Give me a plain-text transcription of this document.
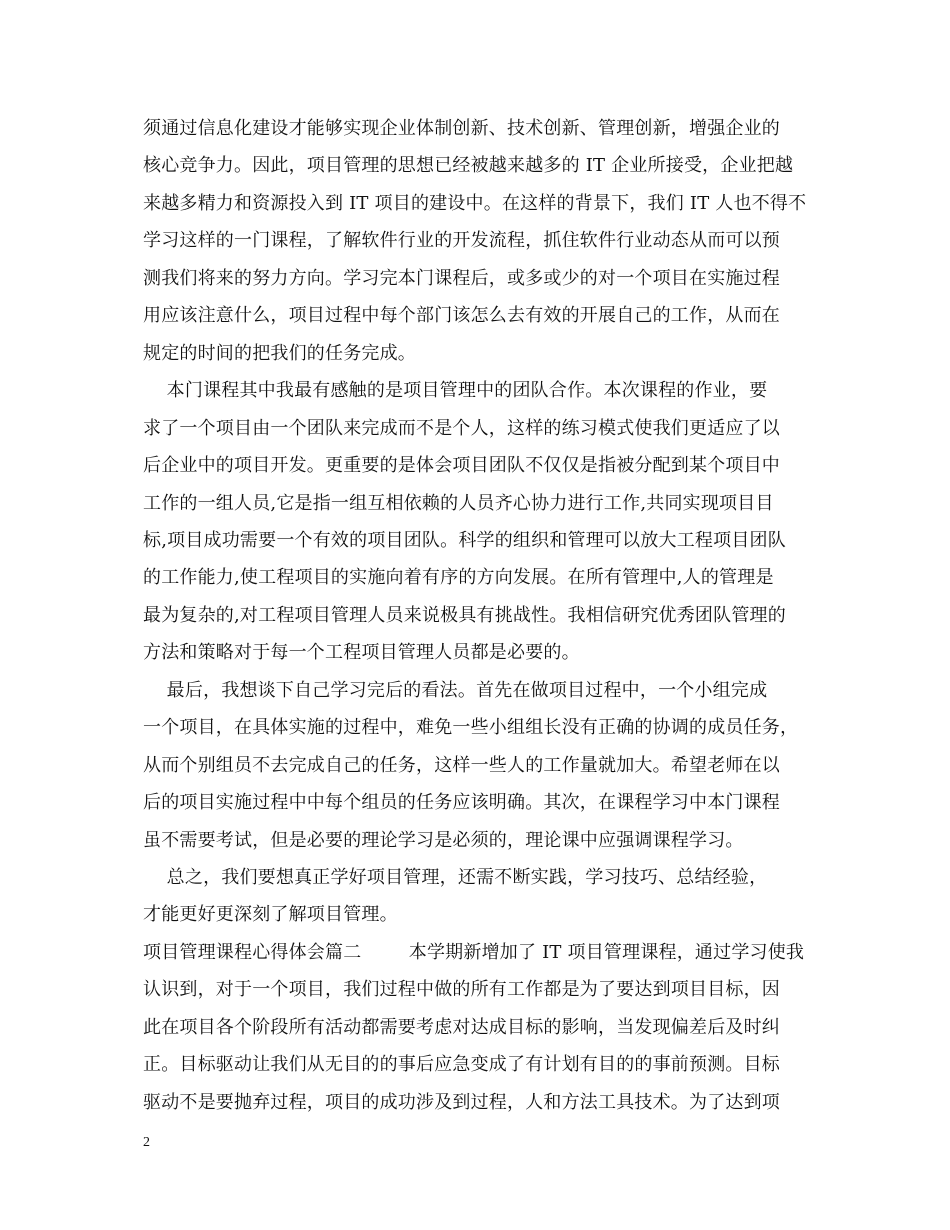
须通过信息化建设才能够实现企业体制创新、技术创新、管理创新，增强企业的
核心竞争力。因此，项目管理的思想已经被越来越多的 IT 企业所接受，企业把越
来越多精力和资源投入到 IT 项目的建设中。在这样的背景下，我们 IT 人也不得不
学习这样的一门课程，了解软件行业的开发流程，抓住软件行业动态从而可以预
测我们将来的努力方向。学习完本门课程后，或多或少的对一个项目在实施过程
用应该注意什么，项目过程中每个部门该怎么去有效的开展自己的工作，从而在
规定的时间的把我们的任务完成。
本门课程其中我最有感触的是项目管理中的团队合作。本次课程的作业，要
求了一个项目由一个团队来完成而不是个人，这样的练习模式使我们更适应了以
后企业中的项目开发。更重要的是体会项目团队不仅仅是指被分配到某个项目中
工作的一组人员,它是指一组互相依赖的人员齐心协力进行工作,共同实现项目目
标,项目成功需要一个有效的项目团队。科学的组织和管理可以放大工程项目团队
的工作能力,使工程项目的实施向着有序的方向发展。在所有管理中,人的管理是
最为复杂的,对工程项目管理人员来说极具有挑战性。我相信研究优秀团队管理的
方法和策略对于每一个工程项目管理人员都是必要的。
最后，我想谈下自己学习完后的看法。首先在做项目过程中，一个小组完成
一个项目，在具体实施的过程中，难免一些小组组长没有正确的协调的成员任务，
从而个别组员不去完成自己的任务，这样一些人的工作量就加大。希望老师在以
后的项目实施过程中中每个组员的任务应该明确。其次，在课程学习中本门课程
虽不需要考试，但是必要的理论学习是必须的，理论课中应强调课程学习。
总之，我们要想真正学好项目管理，还需不断实践，学习技巧、总结经验，
才能更好更深刻了解项目管理。
项目管理课程心得体会篇二        本学期新增加了 IT 项目管理课程，通过学习使我
认识到，对于一个项目，我们过程中做的所有工作都是为了要达到项目目标，因
此在项目各个阶段所有活动都需要考虑对达成目标的影响，当发现偏差后及时纠
正。目标驱动让我们从无目的的事后应急变成了有计划有目的的事前预测。目标
驱动不是要抛弃过程，项目的成功涉及到过程，人和方法工具技术。为了达到项
2
